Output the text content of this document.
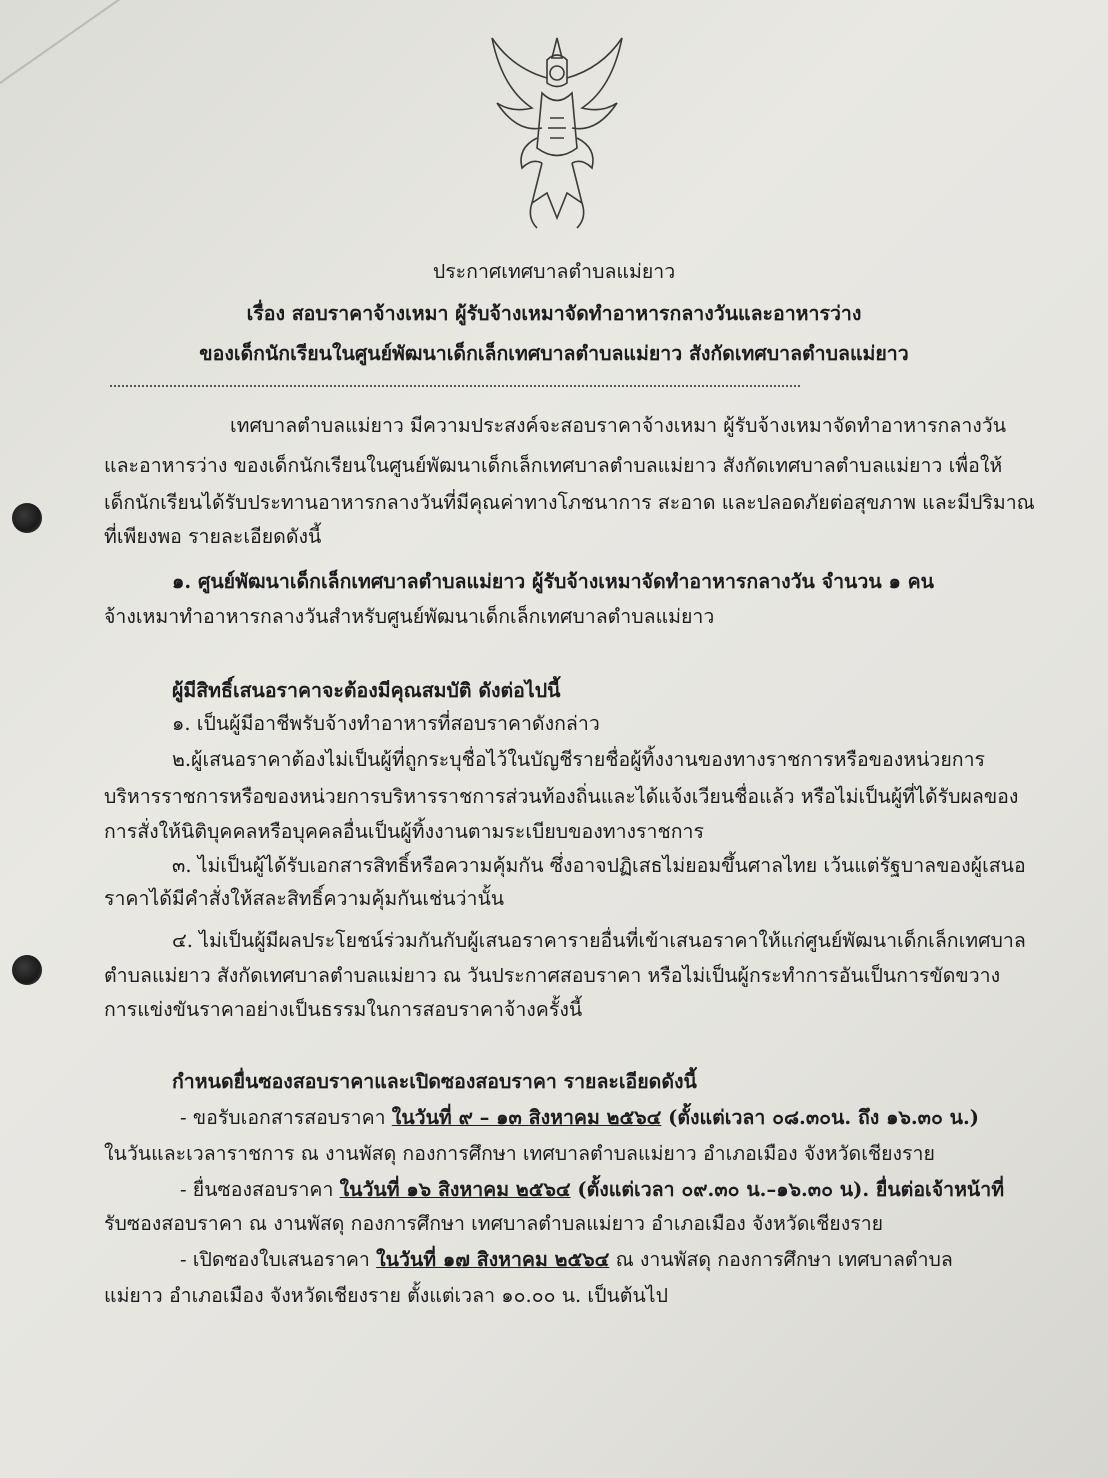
ประกาศเทศบาลตำบลแม่ยาว
เรื่อง สอบราคาจ้างเหมา ผู้รับจ้างเหมาจัดทำอาหารกลางวันและอาหารว่าง
ของเด็กนักเรียนในศูนย์พัฒนาเด็กเล็กเทศบาลตำบลแม่ยาว สังกัดเทศบาลตำบลแม่ยาว
เทศบาลตำบลแม่ยาว มีความประสงค์จะสอบราคาจ้างเหมา ผู้รับจ้างเหมาจัดทำอาหารกลางวัน
และอาหารว่าง ของเด็กนักเรียนในศูนย์พัฒนาเด็กเล็กเทศบาลตำบลแม่ยาว สังกัดเทศบาลตำบลแม่ยาว เพื่อให้
เด็กนักเรียนได้รับประทานอาหารกลางวันที่มีคุณค่าทางโภชนาการ สะอาด และปลอดภัยต่อสุขภาพ และมีปริมาณ
ที่เพียงพอ รายละเอียดดังนี้
๑. ศูนย์พัฒนาเด็กเล็กเทศบาลตำบลแม่ยาว ผู้รับจ้างเหมาจัดทำอาหารกลางวัน จำนวน ๑ คน
จ้างเหมาทำอาหารกลางวันสำหรับศูนย์พัฒนาเด็กเล็กเทศบาลตำบลแม่ยาว
ผู้มีสิทธิ์เสนอราคาจะต้องมีคุณสมบัติ ดังต่อไปนี้
๑. เป็นผู้มีอาชีพรับจ้างทำอาหารที่สอบราคาดังกล่าว
๒.ผู้เสนอราคาต้องไม่เป็นผู้ที่ถูกระบุชื่อไว้ในบัญชีรายชื่อผู้ทิ้งงานของทางราชการหรือของหน่วยการ
บริหารราชการหรือของหน่วยการบริหารราชการส่วนท้องถิ่นและได้แจ้งเวียนชื่อแล้ว หรือไม่เป็นผู้ที่ได้รับผลของ
การสั่งให้นิติบุคคลหรือบุคคลอื่นเป็นผู้ทิ้งงานตามระเบียบของทางราชการ
๓. ไม่เป็นผู้ได้รับเอกสารสิทธิ์หรือความคุ้มกัน ซึ่งอาจปฏิเสธไม่ยอมขึ้นศาลไทย เว้นแต่รัฐบาลของผู้เสนอ
ราคาได้มีคำสั่งให้สละสิทธิ์ความคุ้มกันเช่นว่านั้น
๔. ไม่เป็นผู้มีผลประโยชน์ร่วมกันกับผู้เสนอราคารายอื่นที่เข้าเสนอราคาให้แก่ศูนย์พัฒนาเด็กเล็กเทศบาล
ตำบลแม่ยาว สังกัดเทศบาลตำบลแม่ยาว ณ วันประกาศสอบราคา หรือไม่เป็นผู้กระทำการอันเป็นการขัดขวาง
การแข่งขันราคาอย่างเป็นธรรมในการสอบราคาจ้างครั้งนี้
กำหนดยื่นซองสอบราคาและเปิดซองสอบราคา รายละเอียดดังนี้
- ขอรับเอกสารสอบราคา ในวันที่ ๙ – ๑๓ สิงหาคม ๒๕๖๔ (ตั้งแต่เวลา ๐๘.๓๐น. ถึง ๑๖.๓๐ น.)
ในวันและเวลาราชการ ณ งานพัสดุ กองการศึกษา เทศบาลตำบลแม่ยาว อำเภอเมือง จังหวัดเชียงราย
- ยื่นซองสอบราคา ในวันที่ ๑๖ สิงหาคม ๒๕๖๔ (ตั้งแต่เวลา ๐๙.๓๐ น.–๑๖.๓๐ น). ยื่นต่อเจ้าหน้าที่
รับซองสอบราคา ณ งานพัสดุ กองการศึกษา เทศบาลตำบลแม่ยาว อำเภอเมือง จังหวัดเชียงราย
- เปิดซองใบเสนอราคา ในวันที่ ๑๗ สิงหาคม ๒๕๖๔ ณ งานพัสดุ กองการศึกษา เทศบาลตำบล
แม่ยาว อำเภอเมือง จังหวัดเชียงราย ตั้งแต่เวลา ๑๐.๐๐ น. เป็นต้นไป
